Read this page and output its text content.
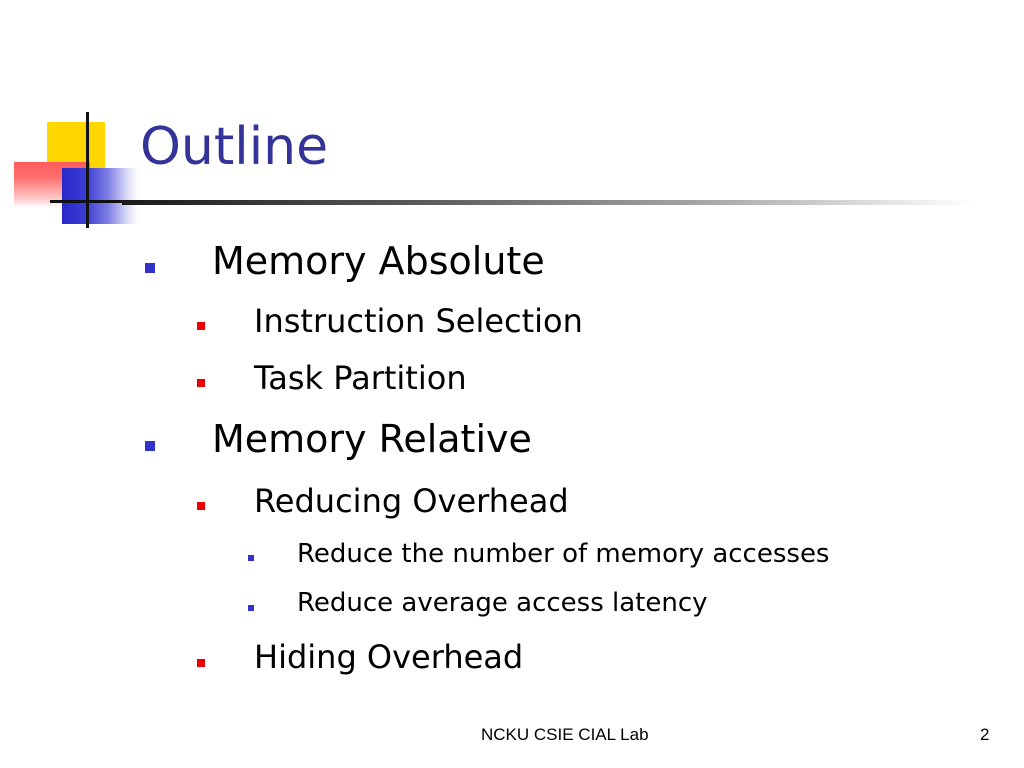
Outline
Memory Absolute
Instruction Selection
Task Partition
Memory Relative
Reducing Overhead
Reduce the number of memory accesses
Reduce average access latency
Hiding Overhead
NCKU CSIE CIAL Lab	2
